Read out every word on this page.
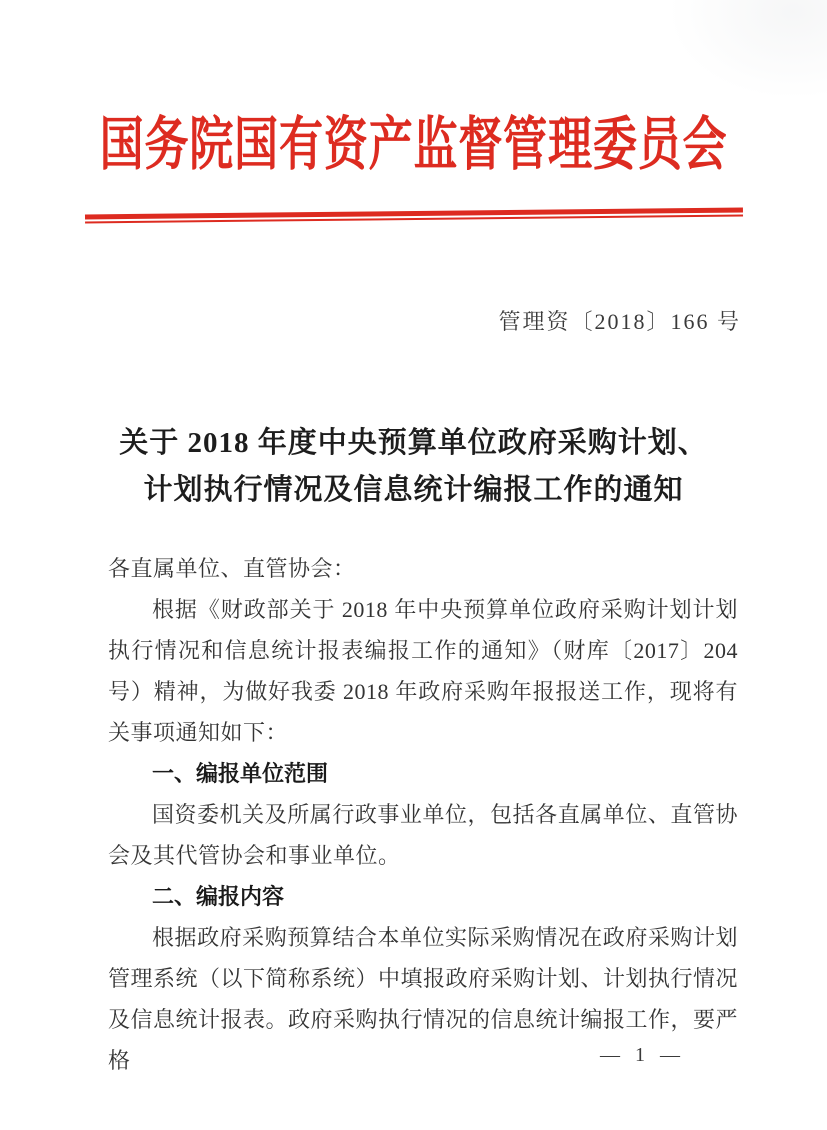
国务院国有资产监督管理委员会
管理资〔2018〕166 号
关于 2018 年度中央预算单位政府采购计划、
计划执行情况及信息统计编报工作的通知
各直属单位、直管协会：
根据《财政部关于 2018 年中央预算单位政府采购计划计划执行情况和信息统计报表编报工作的通知》（财库〔2017〕204 号）精神，为做好我委 2018 年政府采购年报报送工作，现将有关事项通知如下：
一、编报单位范围
国资委机关及所属行政事业单位，包括各直属单位、直管协会及其代管协会和事业单位。
二、编报内容
根据政府采购预算结合本单位实际采购情况在政府采购计划管理系统（以下简称系统）中填报政府采购计划、计划执行情况及信息统计报表。政府采购执行情况的信息统计编报工作，要严格	— 1 —
